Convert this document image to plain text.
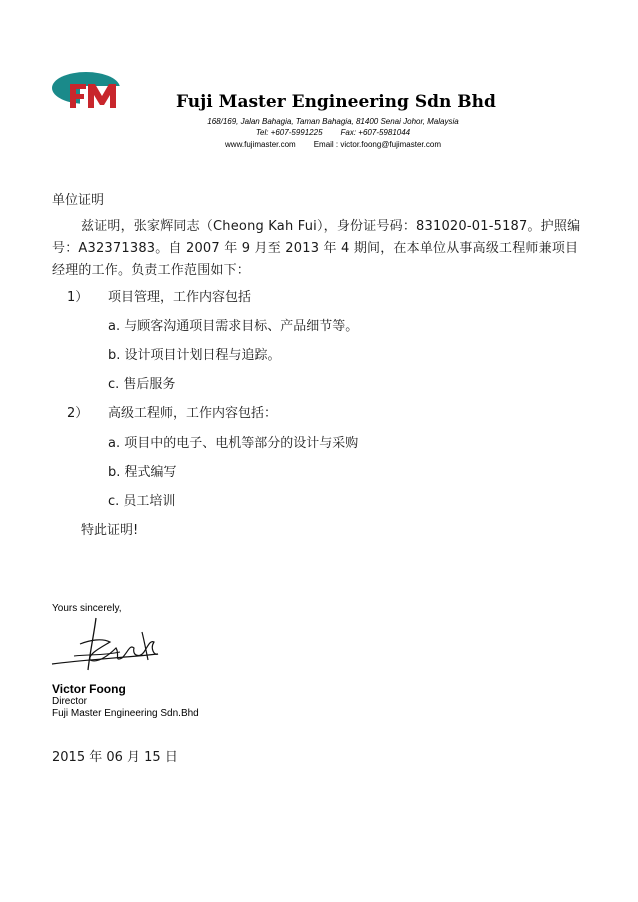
Fuji Master Engineering Sdn Bhd
168/169, Jalan Bahagia, Taman Bahagia, 81400 Senai Johor, Malaysia
Tel: +607-5991225 Fax: +607-5981044
www.fujimaster.com Email : victor.foong@fujimaster.com
单位证明
兹证明，张家辉同志（Cheong Kah Fui），身份证号码：831020-01-5187。护照编号：A32371383。自 2007 年 9 月至 2013 年 4 期间，在本单位从事高级工程师兼项目经理的工作。负责工作范围如下：
1） 项目管理，工作内容包括
a. 与顾客沟通项目需求目标、产品细节等。
b. 设计项目计划日程与追踪。
c. 售后服务
2） 高级工程师，工作内容包括：
a. 项目中的电子、电机等部分的设计与采购
b. 程式编写
c. 员工培训
特此证明!
Yours sincerely,
Victor Foong
Director
Fuji Master Engineering Sdn.Bhd
2015 年 06 月 15 日
